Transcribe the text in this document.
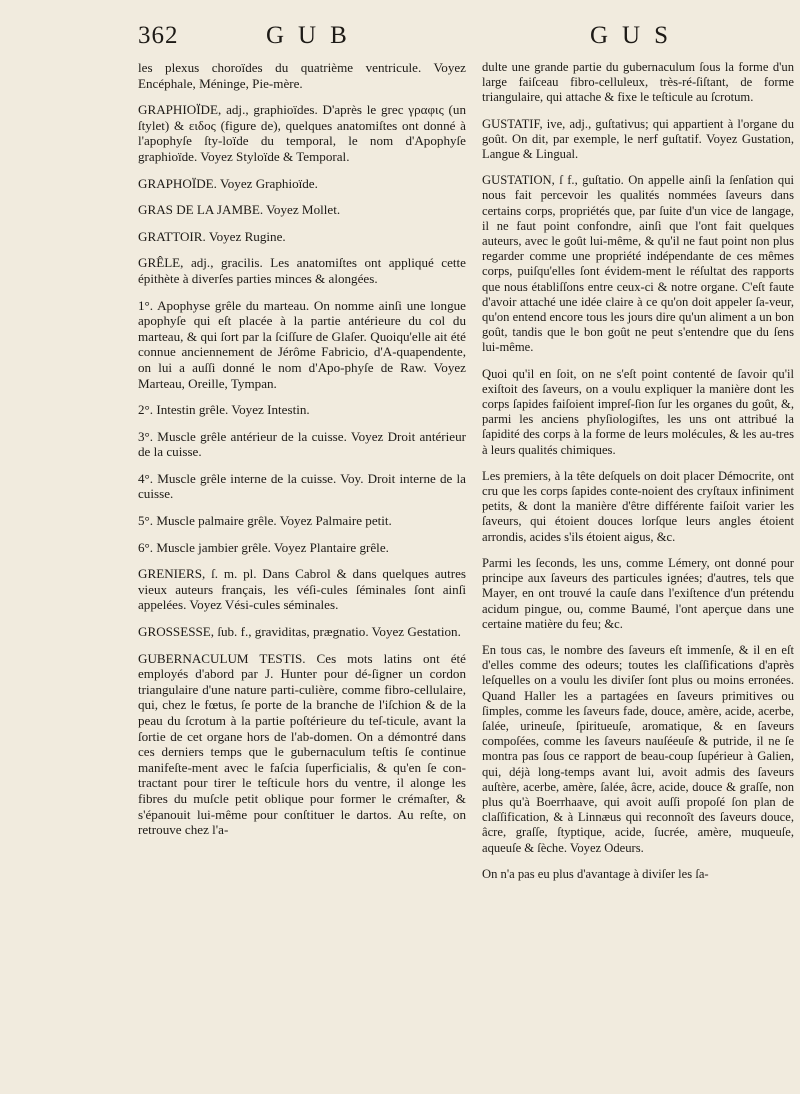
362	GUB	GUS

les plexus choroïdes du quatrième ventricule. Voyez Encéphale, Méninge, Pie-mère.

GRAPHIOÏDE, adj., graphioïdes. D'après le grec γραφις (un ſtylet) & ειδος (figure de), quelques anatomiſtes ont donné à l'apophyſe ſty-loïde du temporal, le nom d'Apophyſe graphioïde. Voyez Styloïde & Temporal.

GRAPHOÏDE. Voyez Graphioïde.

GRAS DE LA JAMBE. Voyez Mollet.

GRATTOIR. Voyez Rugine.

GRÊLE, adj., gracilis. Les anatomiſtes ont appliqué cette épithète à diverſes parties minces & alongées.

1°. Apophyse grêle du marteau. On nomme ainſi une longue apophyſe qui eſt placée à la partie antérieure du col du marteau, & qui ſort par la ſciſſure de Glaſer. Quoiqu'elle ait été connue anciennement de Jérôme Fabricio, d'A-quapendente, on lui a auſſi donné le nom d'Apo-phyſe de Raw. Voyez Marteau, Oreille, Tympan.

2°. Intestin grêle. Voyez Intestin.

3°. Muscle grêle antérieur de la cuisse. Voyez Droit antérieur de la cuisse.

4°. Muscle grêle interne de la cuisse. Voy. Droit interne de la cuisse.

5°. Muscle palmaire grêle. Voyez Palmaire petit.

6°. Muscle jambier grêle. Voyez Plantaire grêle.

GRENIERS, ſ. m. pl. Dans Cabrol & dans quelques autres vieux auteurs français, les véſi-cules ſéminales ſont ainſi appelées. Voyez Vési-cules séminales.

GROSSESSE, ſub. f., graviditas, prægnatio. Voyez Gestation.

GUBERNACULUM TESTIS. Ces mots latins ont été employés d'abord par J. Hunter pour dé-ſigner un cordon triangulaire d'une nature parti-culière, comme fibro-cellulaire, qui, chez le fœtus, ſe porte de la branche de l'iſchion & de la peau du ſcrotum à la partie poſtérieure du teſ-ticule, avant la ſortie de cet organe hors de l'ab-domen. On a démontré dans ces derniers temps que le gubernaculum teſtis ſe continue manifeſte-ment avec le faſcia ſuperficialis, & qu'en ſe con-tractant pour tirer le teſticule hors du ventre, il alonge les fibres du muſcle petit oblique pour former le crémaſter, & s'épanouit lui-même pour conſtituer le dartos. Au reſte, on retrouve chez l'a-

dulte une grande partie du gubernaculum ſous la forme d'un large faiſceau fibro-celluleux, très-ré-ſiſtant, de forme triangulaire, qui attache & fixe le teſticule au ſcrotum.

GUSTATIF, ive, adj., guſtativus; qui appartient à l'organe du goût. On dit, par exemple, le nerf guſtatif. Voyez Gustation, Langue & Lingual.

GUSTATION, ſ f., guſtatio. On appelle ainſi la ſenſation qui nous fait percevoir les qualités nommées ſaveurs dans certains corps, propriétés que, par ſuite d'un vice de langage, il ne faut point confondre, ainſi que l'ont fait quelques auteurs, avec le goût lui-même, & qu'il ne faut point non plus regarder comme une propriété indépendante de ces mêmes corps, puiſqu'elles ſont évidem-ment le réſultat des rapports que nous établiſſons entre ceux-ci & notre organe. C'eſt faute d'avoir attaché une idée claire à ce qu'on doit appeler ſa-veur, qu'on entend encore tous les jours dire qu'un aliment a un bon goût, tandis que le bon goût ne peut s'entendre que du ſens lui-même.

Quoi qu'il en ſoit, on ne s'eſt point contenté de ſavoir qu'il exiſtoit des ſaveurs, on a voulu expliquer la manière dont les corps ſapides faiſoient impreſ-ſion ſur les organes du goût, &, parmi les anciens phyſiologiſtes, les uns ont attribué la ſapidité des corps à la forme de leurs molécules, & les au-tres à leurs qualités chimiques.

Les premiers, à la tête deſquels on doit placer Démocrite, ont cru que les corps ſapides conte-noient des cryſtaux infiniment petits, & dont la manière d'être différente faiſoit varier les ſaveurs, qui étoient douces lorſque leurs angles étoient arrondis, acides s'ils étoient aigus, &c.

Parmi les ſeconds, les uns, comme Lémery, ont donné pour principe aux ſaveurs des particules ignées; d'autres, tels que Mayer, en ont trouvé la cauſe dans l'exiſtence d'un prétendu acidum pingue, ou, comme Baumé, l'ont aperçue dans une certaine matière du feu; &c.

En tous cas, le nombre des ſaveurs eſt immenſe, & il en eſt d'elles comme des odeurs; toutes les claſſifications d'après leſquelles on a voulu les diviſer ſont plus ou moins erronées. Quand Haller les a partagées en ſaveurs primitives ou ſimples, comme les ſaveurs fade, douce, amère, acide, acerbe, ſalée, urineuſe, ſpiritueuſe, aromatique, & en ſaveurs compoſées, comme les ſaveurs nauſéeuſe & putride, il ne ſe montra pas ſous ce rapport de beau-coup ſupérieur à Galien, qui, déjà long-temps avant lui, avoit admis des ſaveurs auſtère, acerbe, amère, ſalée, âcre, acide, douce & graſſe, non plus qu'à Boerrhaave, qui avoit auſſi propoſé ſon plan de claſſification, & à Linnæus qui reconnoît des ſaveurs douce, âcre, graſſe, ſtyptique, acide, ſucrée, amère, muqueuſe, aqueuſe & ſèche. Voyez Odeurs.

On n'a pas eu plus d'avantage à diviſer les ſa-
